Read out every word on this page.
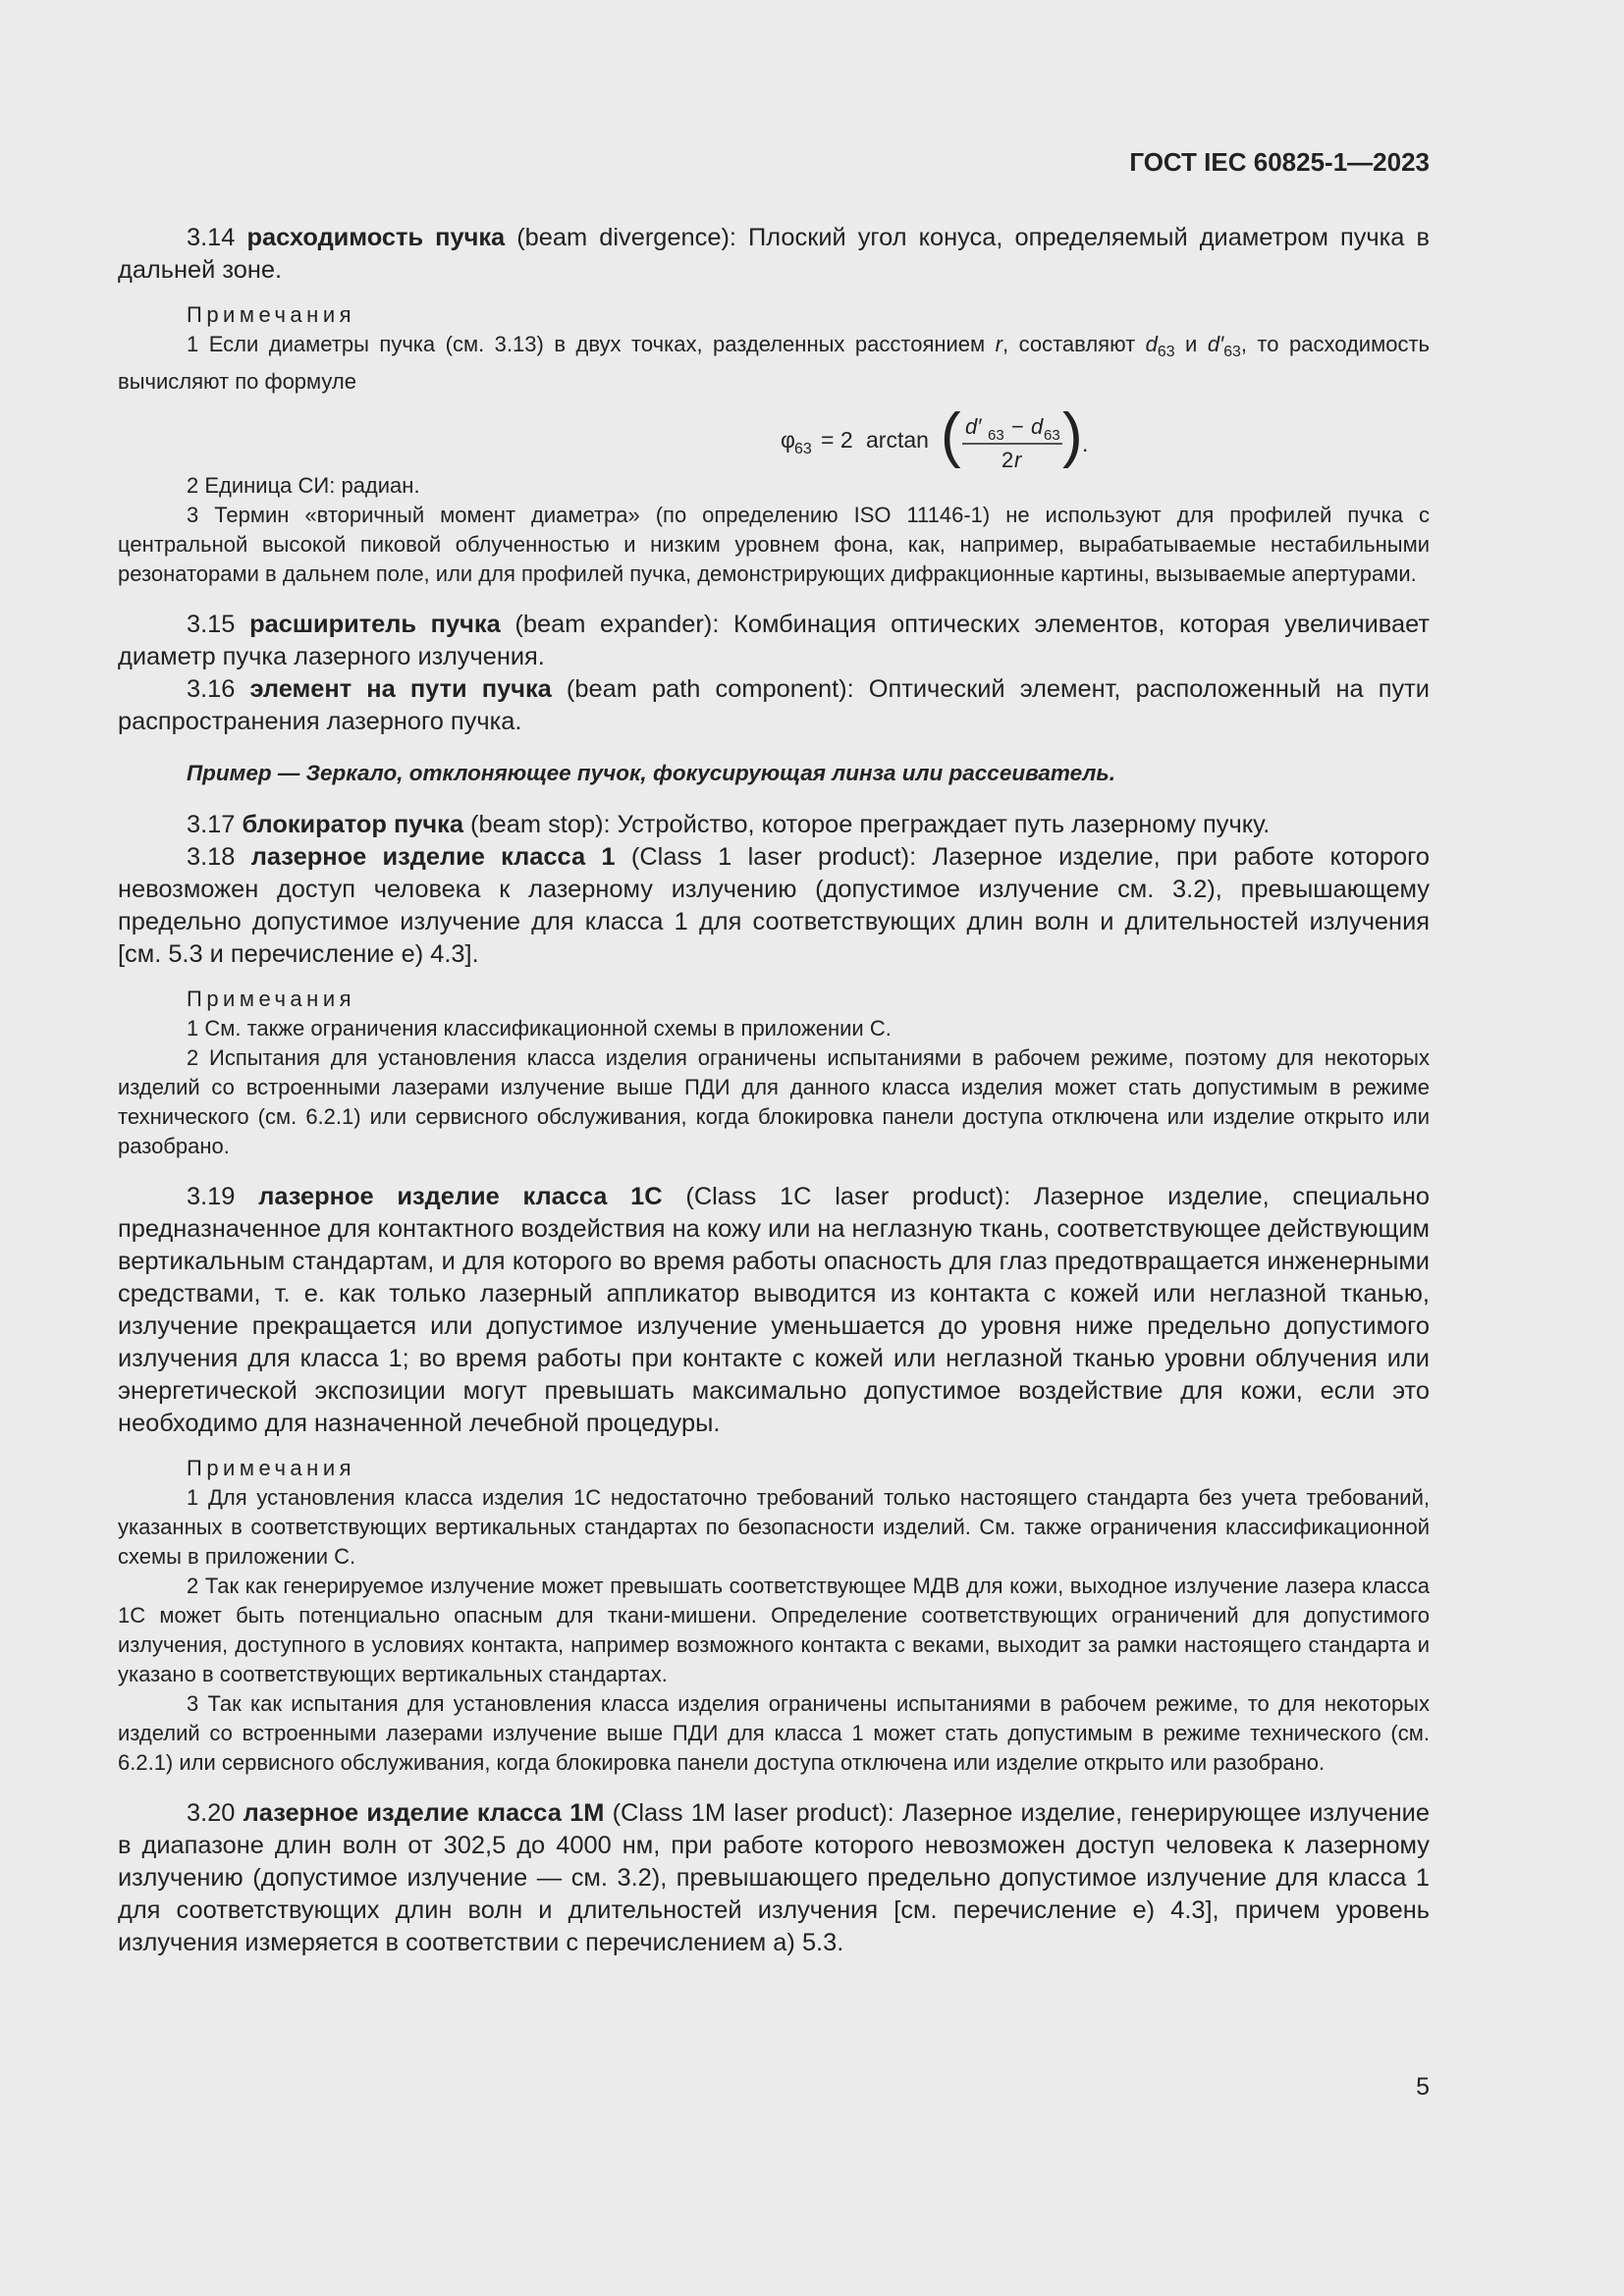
ГОСТ IEC 60825-1—2023

3.14 расходимость пучка (beam divergence): Плоский угол конуса, определяемый диаметром пучка в дальней зоне.

Примечания

1 Если диаметры пучка (см. 3.13) в двух точках, разделенных расстоянием r, составляют $d_{63}$ и $d'_{63}$, то расходимость вычисляют по формуле

φ 63 = 2 arctan ( d′ 63 − d 63
2 r ) .

2 Единица СИ: радиан.

3 Термин «вторичный момент диаметра» (по определению ISO 11146-1) не используют для профилей пучка с центральной высокой пиковой облученностью и низким уровнем фона, как, например, вырабатываемые нестабильными резонаторами в дальнем поле, или для профилей пучка, демонстрирующих дифракционные картины, вызываемые апертурами.

3.15 расширитель пучка (beam expander): Комбинация оптических элементов, которая увеличивает диаметр пучка лазерного излучения.

3.16 элемент на пути пучка (beam path component): Оптический элемент, расположенный на пути распространения лазерного пучка.

Пример — Зеркало, отклоняющее пучок, фокусирующая линза или рассеиватель.

3.17 блокиратор пучка (beam stop): Устройство, которое преграждает путь лазерному пучку.

3.18 лазерное изделие класса 1 (Class 1 laser product): Лазерное изделие, при работе которого невозможен доступ человека к лазерному излучению (допустимое излучение см. 3.2), превышающему предельно допустимое излучение для класса 1 для соответствующих длин волн и длительностей излучения [см. 5.3 и перечисление е) 4.3].

Примечания

1 См. также ограничения классификационной схемы в приложении С.

2 Испытания для установления класса изделия ограничены испытаниями в рабочем режиме, поэтому для некоторых изделий со встроенными лазерами излучение выше ПДИ для данного класса изделия может стать допустимым в режиме технического (см. 6.2.1) или сервисного обслуживания, когда блокировка панели доступа отключена или изделие открыто или разобрано.

3.19 лазерное изделие класса 1С (Class 1C laser product): Лазерное изделие, специально предназначенное для контактного воздействия на кожу или на неглазную ткань, соответствующее действующим вертикальным стандартам, и для которого во время работы опасность для глаз предотвращается инженерными средствами, т. е. как только лазерный аппликатор выводится из контакта с кожей или неглазной тканью, излучение прекращается или допустимое излучение уменьшается до уровня ниже предельно допустимого излучения для класса 1; во время работы при контакте с кожей или неглазной тканью уровни облучения или энергетической экспозиции могут превышать максимально допустимое воздействие для кожи, если это необходимо для назначенной лечебной процедуры.

Примечания

1 Для установления класса изделия 1С недостаточно требований только настоящего стандарта без учета требований, указанных в соответствующих вертикальных стандартах по безопасности изделий. См. также ограничения классификационной схемы в приложении С.

2 Так как генерируемое излучение может превышать соответствующее МДВ для кожи, выходное излучение лазера класса 1С может быть потенциально опасным для ткани-мишени. Определение соответствующих ограничений для допустимого излучения, доступного в условиях контакта, например возможного контакта с веками, выходит за рамки настоящего стандарта и указано в соответствующих вертикальных стандартах.

3 Так как испытания для установления класса изделия ограничены испытаниями в рабочем режиме, то для некоторых изделий со встроенными лазерами излучение выше ПДИ для класса 1 может стать допустимым в режиме технического (см. 6.2.1) или сервисного обслуживания, когда блокировка панели доступа отключена или изделие открыто или разобрано.

3.20 лазерное изделие класса 1М (Class 1M laser product): Лазерное изделие, генерирующее излучение в диапазоне длин волн от 302,5 до 4000 нм, при работе которого невозможен доступ человека к лазерному излучению (допустимое излучение — см. 3.2), превышающего предельно допустимое излучение для класса 1 для соответствующих длин волн и длительностей излучения [см. перечисление е) 4.3], причем уровень излучения измеряется в соответствии с перечислением а) 5.3.

5
